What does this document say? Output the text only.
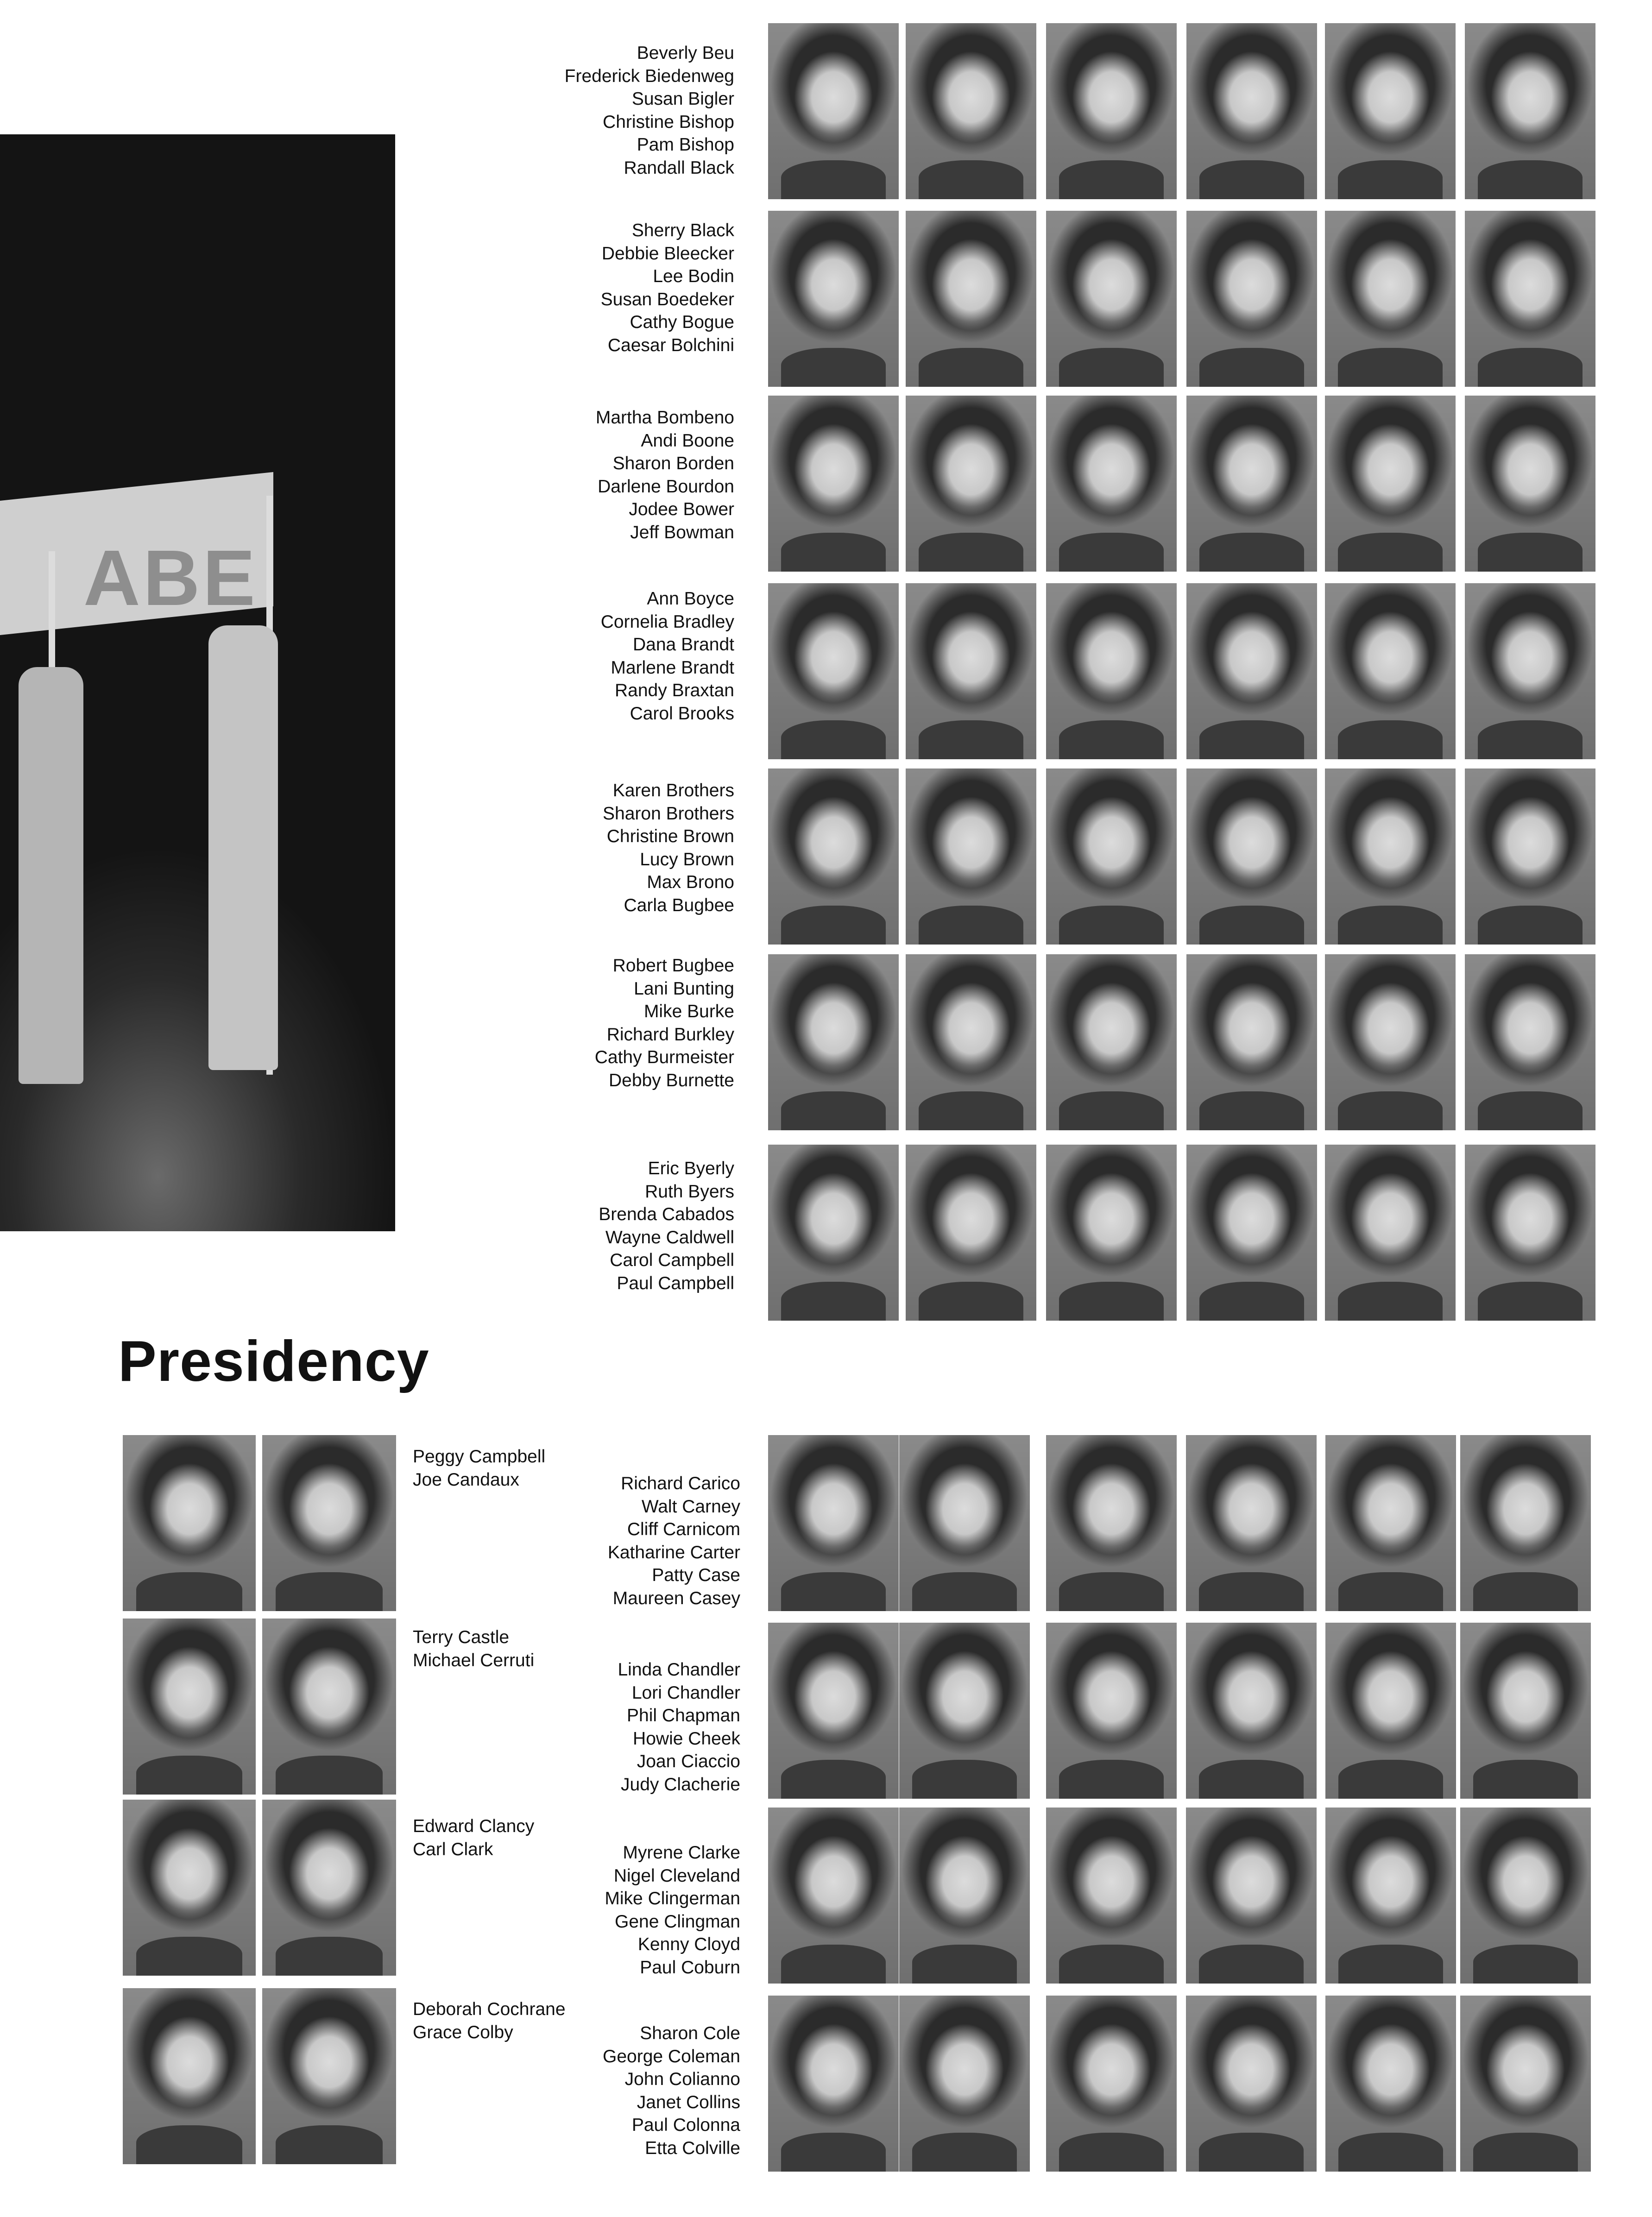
ABE
Presidency
Beverly Beu
Frederick Biedenweg
Susan Bigler
Christine Bishop
Pam Bishop
Randall Black
Sherry Black
Debbie Bleecker
Lee Bodin
Susan Boedeker
Cathy Bogue
Caesar Bolchini
Martha Bombeno
Andi Boone
Sharon Borden
Darlene Bourdon
Jodee Bower
Jeff Bowman
Ann Boyce
Cornelia Bradley
Dana Brandt
Marlene Brandt
Randy Braxtan
Carol Brooks
Karen Brothers
Sharon Brothers
Christine Brown
Lucy Brown
Max Brono
Carla Bugbee
Robert Bugbee
Lani Bunting
Mike Burke
Richard Burkley
Cathy Burmeister
Debby Burnette
Eric Byerly
Ruth Byers
Brenda Cabados
Wayne Caldwell
Carol Campbell
Paul Campbell
Peggy Campbell
Joe Candaux
Terry Castle
Michael Cerruti
Edward Clancy
Carl Clark
Deborah Cochrane
Grace Colby
Richard Carico
Walt Carney
Cliff Carnicom
Katharine Carter
Patty Case
Maureen Casey
Linda Chandler
Lori Chandler
Phil Chapman
Howie Cheek
Joan Ciaccio
Judy Clacherie
Myrene Clarke
Nigel Cleveland
Mike Clingerman
Gene Clingman
Kenny Cloyd
Paul Coburn
Sharon Cole
George Coleman
John Colianno
Janet Collins
Paul Colonna
Etta Colville
